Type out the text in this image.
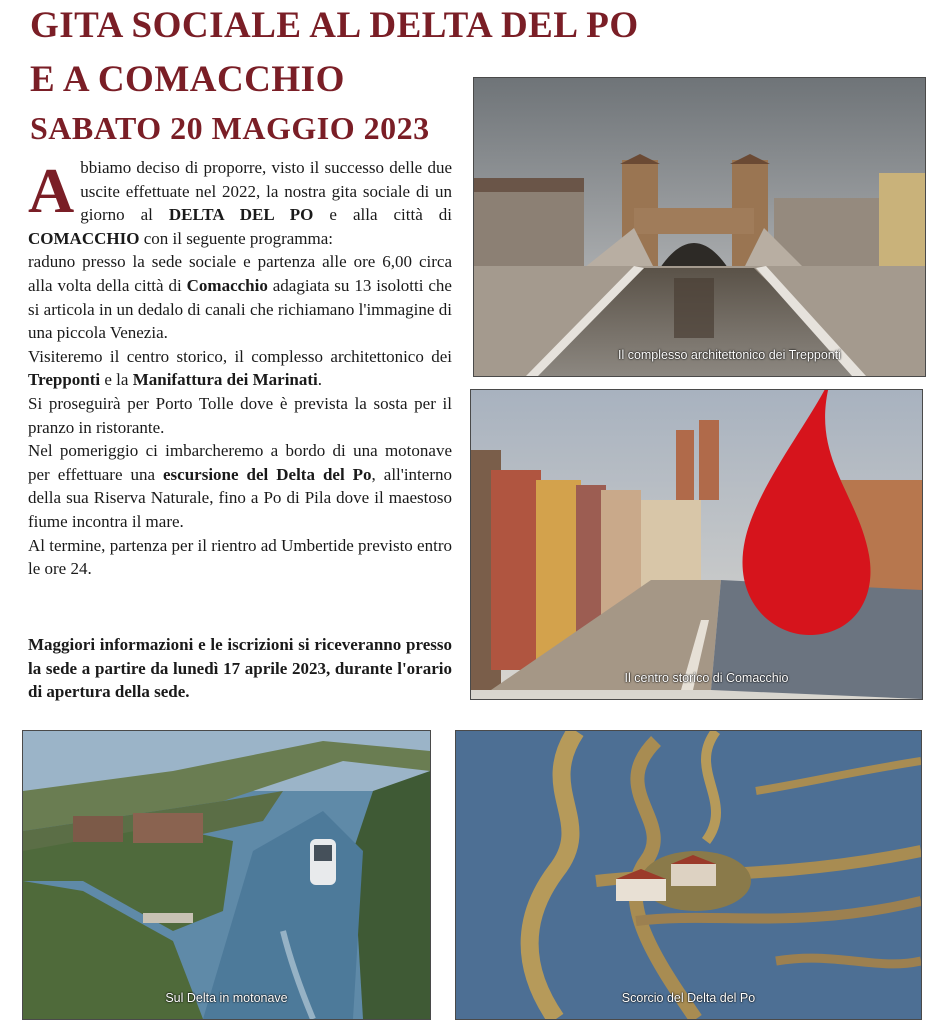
GITA SOCIALE AL DELTA DEL PO
E A COMACCHIO
SABATO 20 MAGGIO 2023

Abbiamo deciso di proporre, visto il successo delle due uscite effettuate nel 2022, la nostra gita sociale di un giorno al DELTA DEL PO e alla città di COMACCHIO con il seguente programma:

raduno presso la sede sociale e partenza alle ore 6,00 circa alla volta della città di Comacchio adagiata su 13 isolotti che si articola in un dedalo di canali che richiamano l'immagine di una piccola Venezia.

Visiteremo il centro storico, il complesso architettonico dei Trepponti e la Manifattura dei Marinati.

Si proseguirà per Porto Tolle dove è prevista la sosta per il pranzo in ristorante.

Nel pomeriggio ci imbarcheremo a bordo di una motonave per effettuare una escursione del Delta del Po, all'interno della sua Riserva Naturale, fino a Po di Pila dove il maestoso fiume incontra il mare.

Al termine, partenza per il rientro ad Umbertide previsto entro le ore 24.

Maggiori informazioni e le iscrizioni si riceveranno presso la sede a partire da lunedì 17 aprile 2023, durante l'orario di apertura della sede.

Il complesso architettonico dei Trepponti
Il centro storico di Comacchio
Sul Delta in motonave	Scorcio del Delta del Po
